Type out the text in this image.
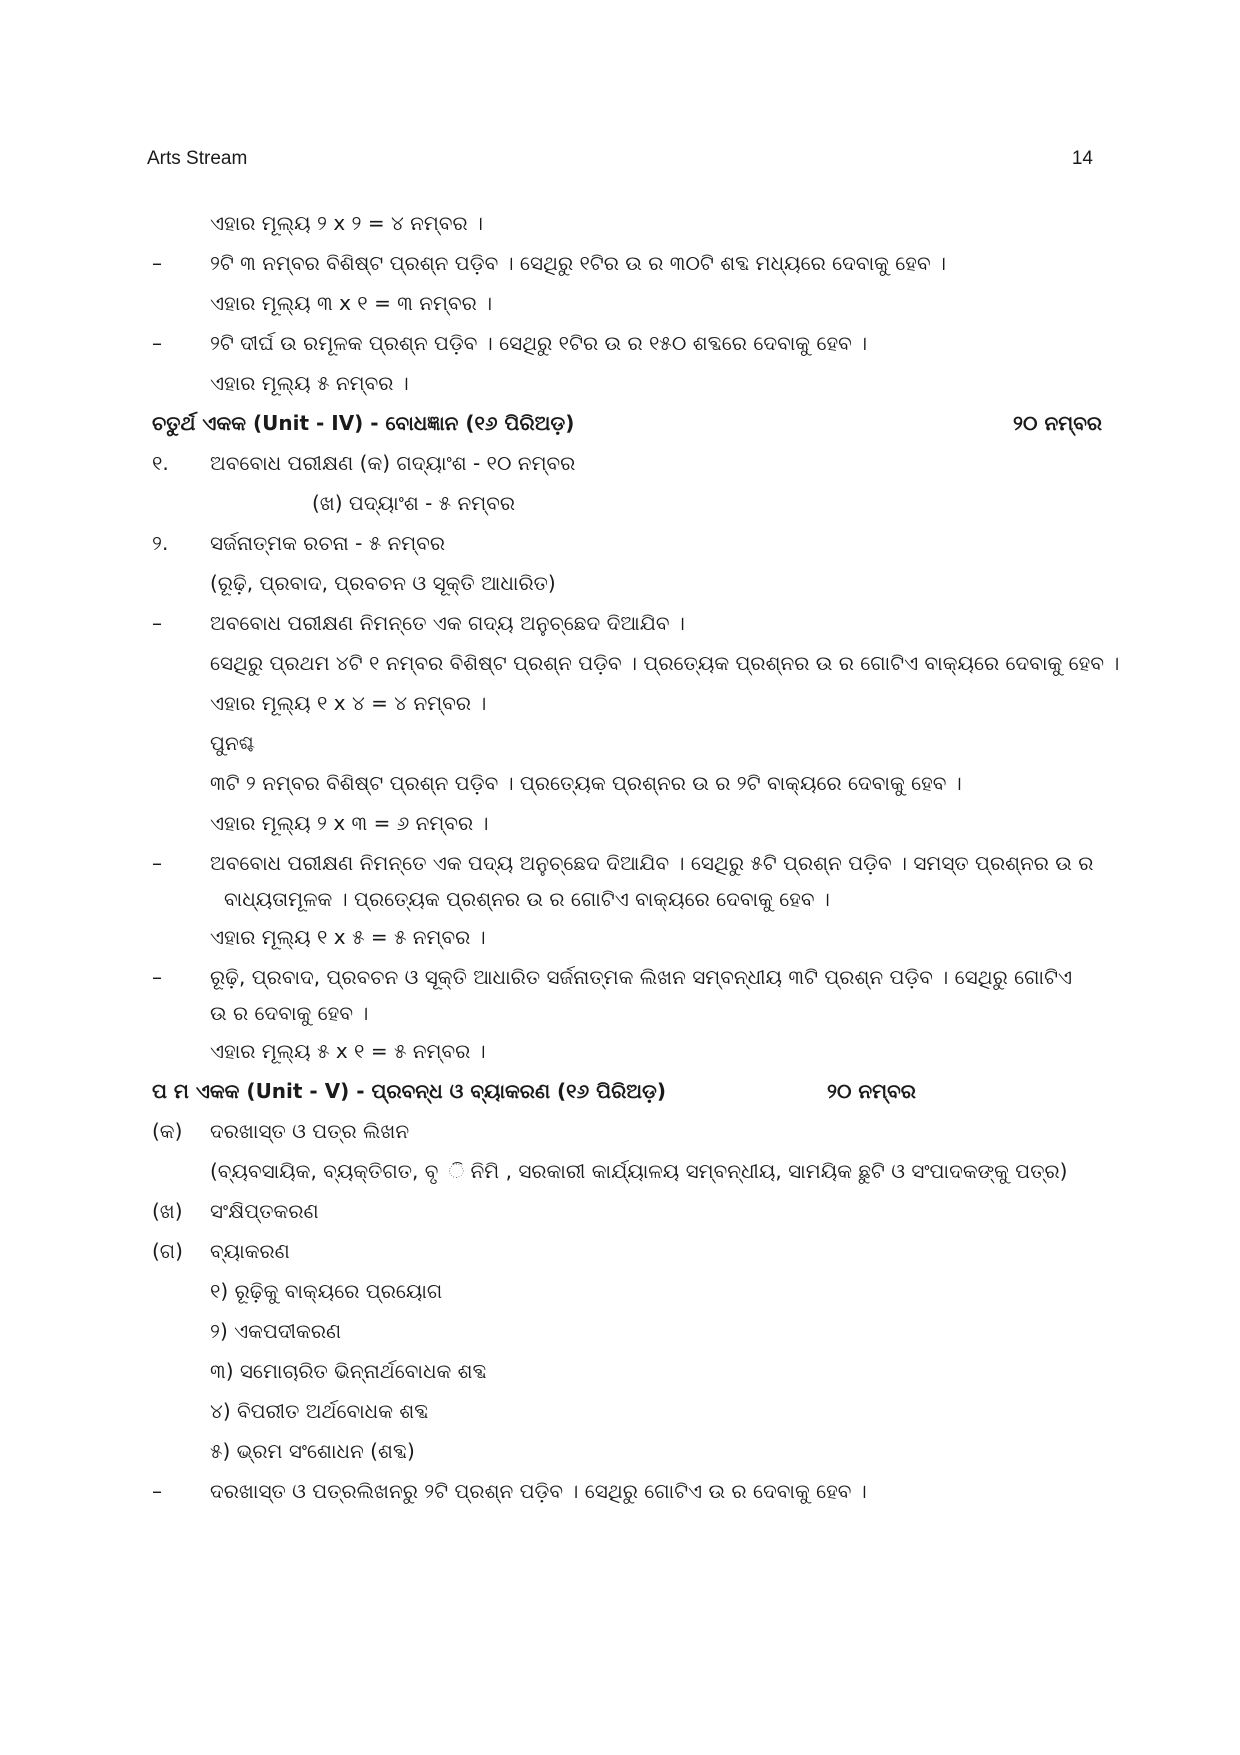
Arts Stream	14
ଏହାର ମୂଲ୍ୟ ୨ x ୨ = ୪ ନମ୍ବର ।
–	୨ଟି ୩ ନମ୍ବର ବିଶିଷ୍ଟ ପ୍ରଶ୍ନ ପଡ଼ିବ । ସେଥିରୁ ୧ଟିର ଉ ର ୩୦ଟି ଶବ୍ଦ ମଧ୍ୟରେ ଦେବାକୁ ହେବ ।
ଏହାର ମୂଲ୍ୟ ୩ x ୧ = ୩ ନମ୍ବର ।
–	୨ଟି ଦୀର୍ଘ ଉ ରମୂଳକ ପ୍ରଶ୍ନ ପଡ଼ିବ । ସେଥିରୁ ୧ଟିର ଉ ର ୧୫୦ ଶବ୍ଦରେ ଦେବାକୁ ହେବ ।
ଏହାର ମୂଲ୍ୟ ୫ ନମ୍ବର ।
ଚତୁର୍ଥ ଏକକ (Unit - IV) - ବୋଧଜ୍ଞାନ (୧୬ ପିରିଅଡ଼)	୨୦ ନମ୍ବର
୧.	ଅବବୋଧ ପରୀକ୍ଷଣ (କ) ଗଦ୍ୟାଂଶ - ୧୦ ନମ୍ବର
(ଖ) ପଦ୍ୟାଂଶ - ୫ ନମ୍ବର
୨.	ସର୍ଜନାତ୍ମକ ରଚନା - ୫ ନମ୍ବର
(ରୂଢ଼ି, ପ୍ରବାଦ, ପ୍ରବଚନ ଓ ସୂକ୍ତି ଆଧାରିତ)
–	ଅବବୋଧ ପରୀକ୍ଷଣ ନିମନ୍ତେ ଏକ ଗଦ୍ୟ ଅନୁଚ୍ଛେଦ ଦିଆଯିବ ।
ସେଥିରୁ ପ୍ରଥମ ୪ଟି ୧ ନମ୍ବର ବିଶିଷ୍ଟ ପ୍ରଶ୍ନ ପଡ଼ିବ । ପ୍ରତ୍ୟେକ ପ୍ରଶ୍ନର ଉ ର ଗୋଟିଏ ବାକ୍ୟରେ ଦେବାକୁ ହେବ ।
ଏହାର ମୂଲ୍ୟ ୧ x ୪ = ୪ ନମ୍ବର ।
ପୁନଶ୍ଚ
୩ଟି ୨ ନମ୍ବର ବିଶିଷ୍ଟ ପ୍ରଶ୍ନ ପଡ଼ିବ । ପ୍ରତ୍ୟେକ ପ୍ରଶ୍ନର ଉ ର ୨ଟି ବାକ୍ୟରେ ଦେବାକୁ ହେବ ।
ଏହାର ମୂଲ୍ୟ ୨ x ୩ = ୬ ନମ୍ବର ।
–	ଅବବୋଧ ପରୀକ୍ଷଣ ନିମନ୍ତେ ଏକ ପଦ୍ୟ ଅନୁଚ୍ଛେଦ ଦିଆଯିବ । ସେଥିରୁ ୫ଟି ପ୍ରଶ୍ନ ପଡ଼ିବ । ସମସ୍ତ ପ୍ରଶ୍ନର ଉ ର
ବାଧ୍ୟତାମୂଳକ । ପ୍ରତ୍ୟେକ ପ୍ରଶ୍ନର ଉ ର ଗୋଟିଏ ବାକ୍ୟରେ ଦେବାକୁ ହେବ ।
ଏହାର ମୂଲ୍ୟ ୧ x ୫ = ୫ ନମ୍ବର ।
–	ରୂଢ଼ି, ପ୍ରବାଦ, ପ୍ରବଚନ ଓ ସୂକ୍ତି ଆଧାରିତ ସର୍ଜନାତ୍ମକ ଲିଖନ ସମ୍ବନ୍ଧୀୟ ୩ଟି ପ୍ରଶ୍ନ ପଡ଼ିବ । ସେଥିରୁ ଗୋଟିଏ
ଉ ର ଦେବାକୁ ହେବ ।
ଏହାର ମୂଲ୍ୟ ୫ x ୧ = ୫ ନମ୍ବର ।
ପ ମ ଏକକ (Unit - V) - ପ୍ରବନ୍ଧ ଓ ବ୍ୟାକରଣ (୧୬ ପିରିଅଡ଼)	୨୦ ନମ୍ବର
(କ)	ଦରଖାସ୍ତ ଓ ପତ୍ର ଲିଖନ
(ବ୍ୟବସାୟିକ, ବ୍ୟକ୍ତିଗତ, ବୃ ି ନିମି , ସରକାରୀ କାର୍ଯ୍ୟାଳୟ ସମ୍ବନ୍ଧୀୟ, ସାମୟିକ ଛୁଟି ଓ ସଂପାଦକଙ୍କୁ ପତ୍ର)
(ଖ)	ସଂକ୍ଷିପ୍ତକରଣ
(ଗ)	ବ୍ୟାକରଣ
୧) ରୂଢ଼ିକୁ ବାକ୍ୟରେ ପ୍ରୟୋଗ
୨) ଏକପଦୀକରଣ
୩) ସମୋଚାରିତ ଭିନ୍ନାର୍ଥବୋଧକ ଶବ୍ଦ
୪) ବିପରୀତ ଅର୍ଥବୋଧକ ଶବ୍ଦ
୫) ଭ୍ରମ ସଂଶୋଧନ (ଶବ୍ଦ)
–	ଦରଖାସ୍ତ ଓ ପତ୍ରଲିଖନରୁ ୨ଟି ପ୍ରଶ୍ନ ପଡ଼ିବ । ସେଥିରୁ ଗୋଟିଏ ଉ ର ଦେବାକୁ ହେବ ।
